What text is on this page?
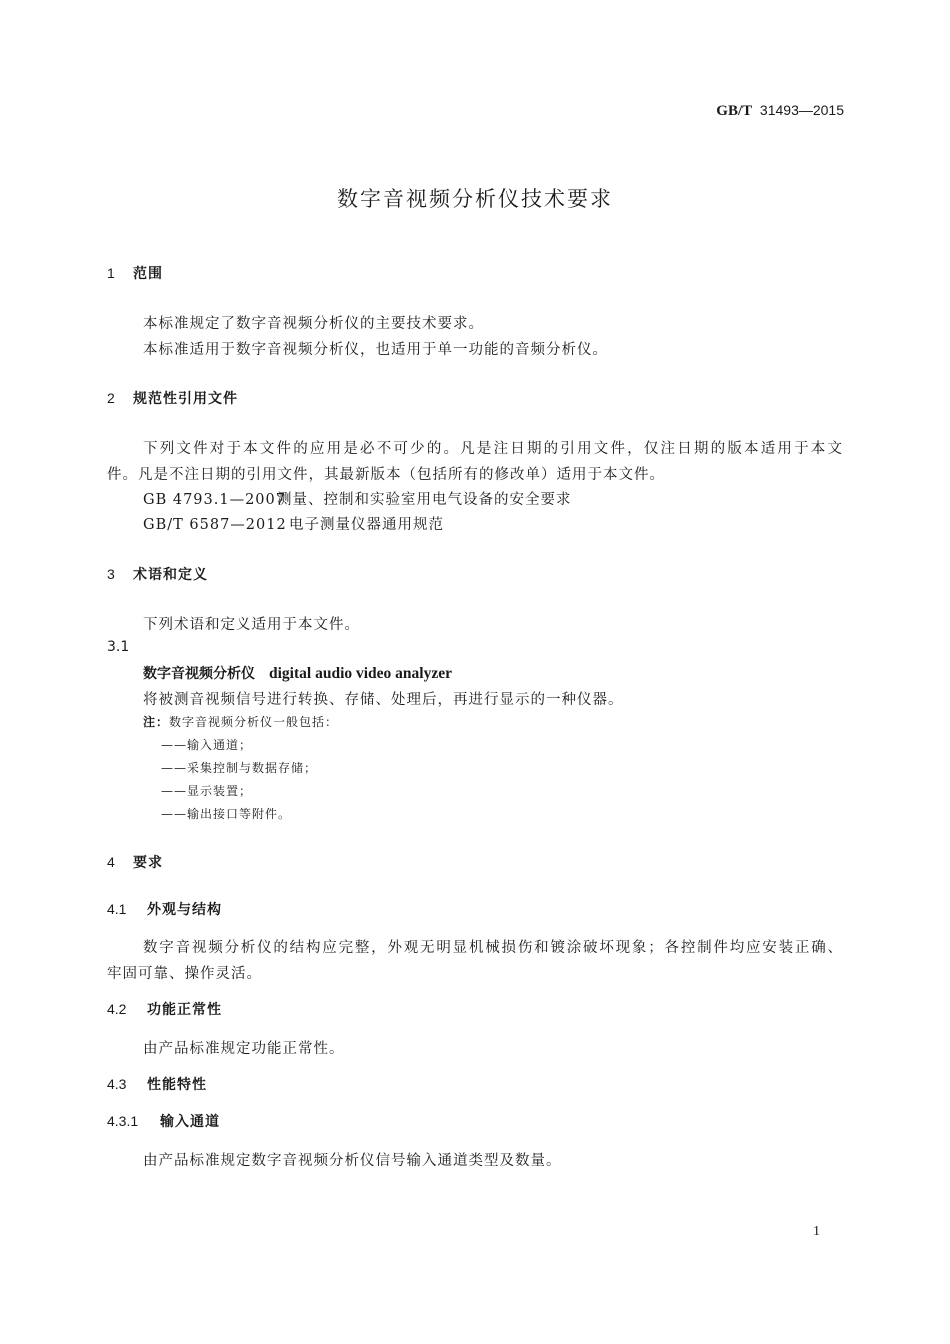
GB/T 31493—2015
数字音视频分析仪技术要求
1 范围
本标准规定了数字音视频分析仪的主要技术要求。
本标准适用于数字音视频分析仪，也适用于单一功能的音频分析仪。
2 规范性引用文件
下列文件对于本文件的应用是必不可少的。凡是注日期的引用文件，仅注日期的版本适用于本文
件。凡是不注日期的引用文件，其最新版本（包括所有的修改单）适用于本文件。
GB 4793.1—2007测量、控制和实验室用电气设备的安全要求
GB/T 6587—2012 电子测量仪器通用规范
3 术语和定义
下列术语和定义适用于本文件。
3.1
数字音视频分析仪 digital audio video analyzer
将被测音视频信号进行转换、存储、处理后，再进行显示的一种仪器。
注：数字音视频分析仪一般包括：
——输入通道；
——采集控制与数据存储；
——显示装置；
——输出接口等附件。
4 要求
4.1 外观与结构
数字音视频分析仪的结构应完整，外观无明显机械损伤和镀涂破坏现象；各控制件均应安装正确、
牢固可靠、操作灵活。
4.2 功能正常性
由产品标准规定功能正常性。
4.3 性能特性
4.3.1 输入通道
由产品标准规定数字音视频分析仪信号输入通道类型及数量。
1
